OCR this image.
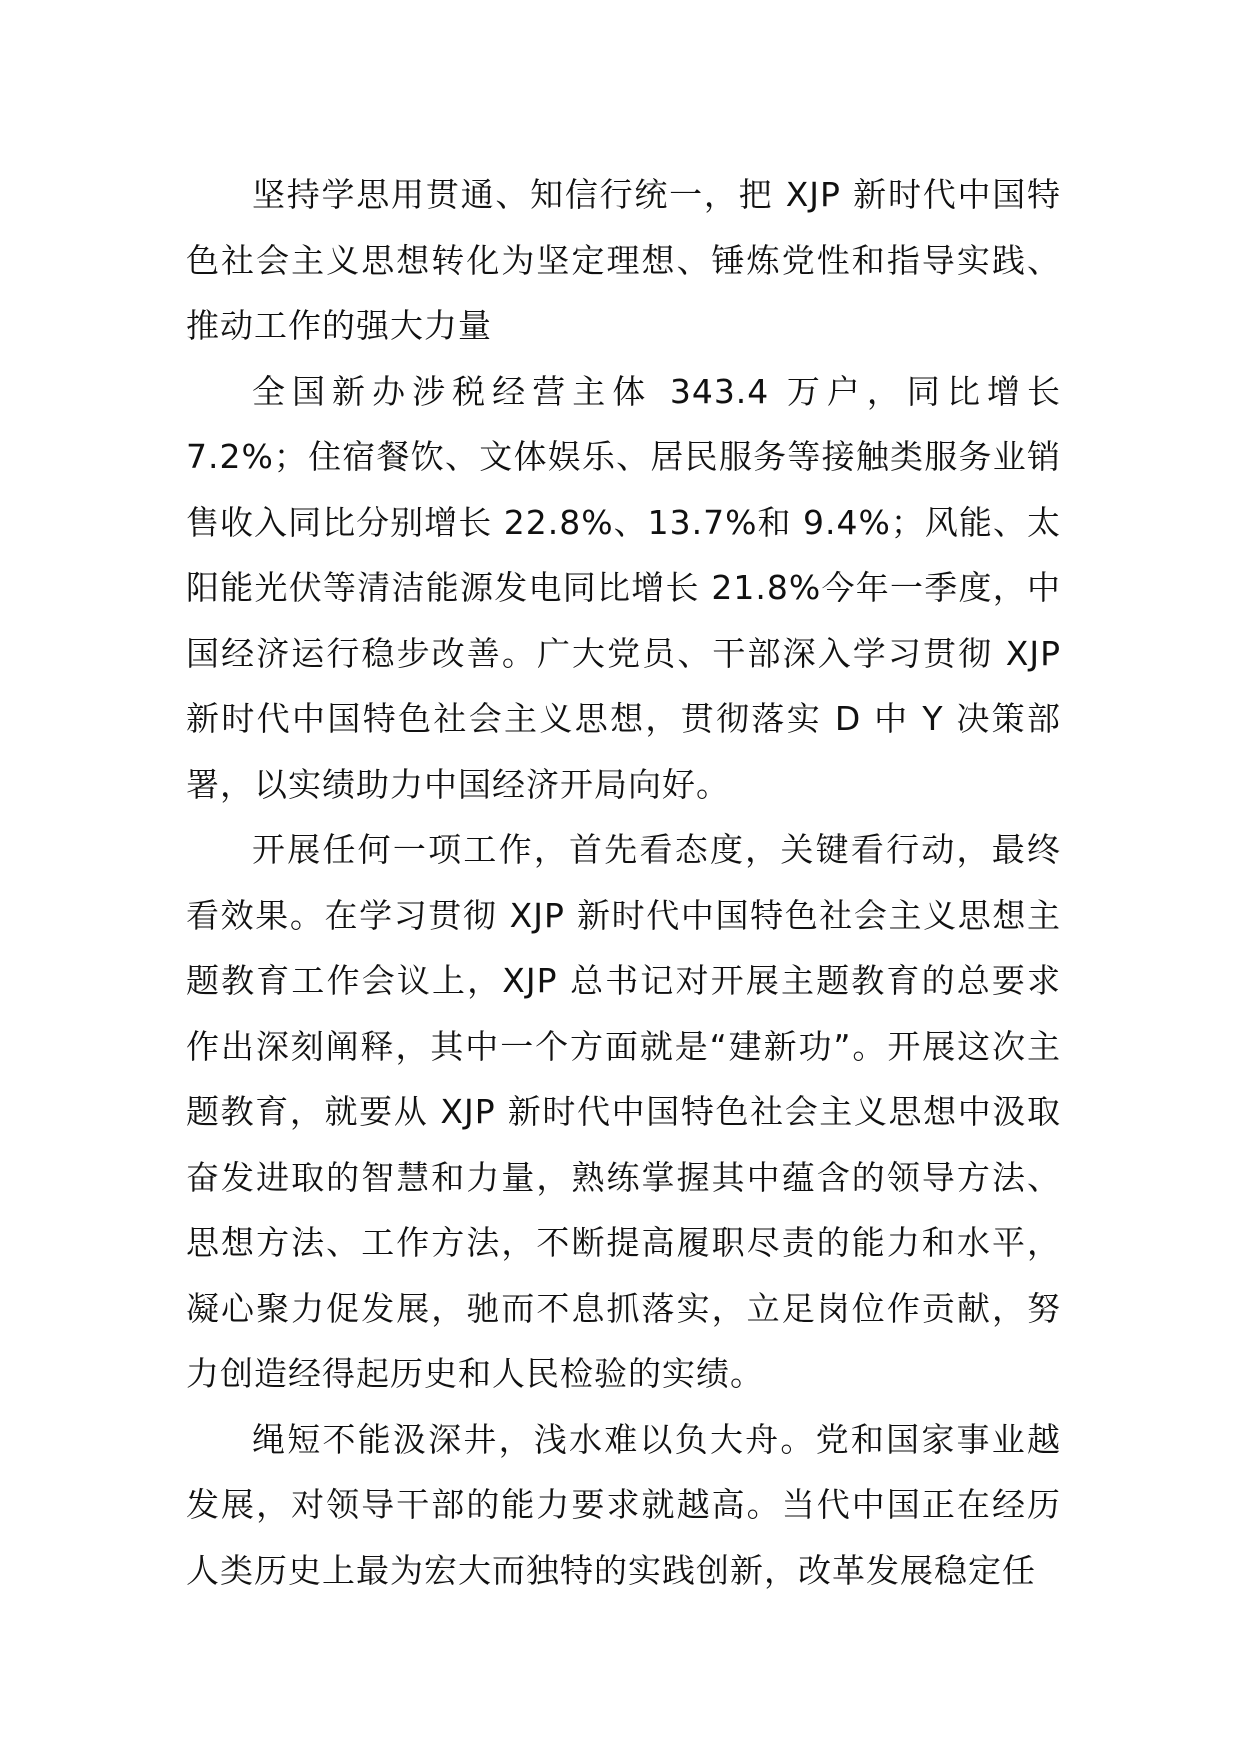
坚持学思用贯通、知信行统一，把 XJP 新时代中国特色社会主义思想转化为坚定理想、锤炼党性和指导实践、推动工作的强大力量

全国新办涉税经营主体 343.4 万户，同比增长 7.2%；住宿餐饮、文体娱乐、居民服务等接触类服务业销售收入同比分别增长 22.8%、13.7%和 9.4%；风能、太阳能光伏等清洁能源发电同比增长 21.8%今年一季度，中国经济运行稳步改善。广大党员、干部深入学习贯彻 XJP 新时代中国特色社会主义思想，贯彻落实 D 中 Y 决策部署，以实绩助力中国经济开局向好。

开展任何一项工作，首先看态度，关键看行动，最终看效果。在学习贯彻 XJP 新时代中国特色社会主义思想主题教育工作会议上，XJP 总书记对开展主题教育的总要求作出深刻阐释，其中一个方面就是“建新功”。开展这次主题教育，就要从 XJP 新时代中国特色社会主义思想中汲取奋发进取的智慧和力量，熟练掌握其中蕴含的领导方法、思想方法、工作方法，不断提高履职尽责的能力和水平，凝心聚力促发展，驰而不息抓落实，立足岗位作贡献，努力创造经得起历史和人民检验的实绩。

绳短不能汲深井，浅水难以负大舟。党和国家事业越发展，对领导干部的能力要求就越高。当代中国正在经历人类历史上最为宏大而独特的实践创新，改革发展稳定任
